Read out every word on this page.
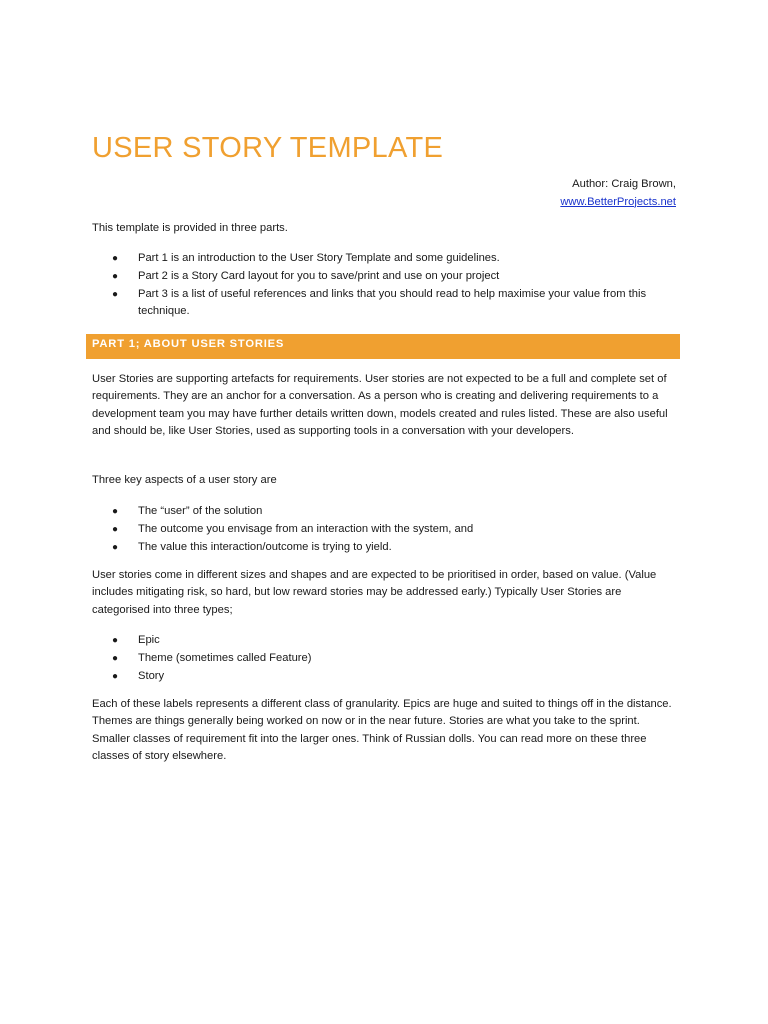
USER STORY TEMPLATE
Author: Craig Brown,
www.BetterProjects.net

This template is provided in three parts.

● Part 1 is an introduction to the User Story Template and some guidelines.
● Part 2 is a Story Card layout for you to save/print and use on your project
● Part 3 is a list of useful references and links that you should read to help maximise your value from this technique.
PART 1; ABOUT USER STORIES

User Stories are supporting artefacts for requirements. User stories are not expected to be a full and complete set of requirements. They are an anchor for a conversation. As a person who is creating and delivering requirements to a development team you may have further details written down, models created and rules listed. These are also useful and should be, like User Stories, used as supporting tools in a conversation with your developers.

Three key aspects of a user story are

● The “user” of the solution
● The outcome you envisage from an interaction with the system, and
● The value this interaction/outcome is trying to yield.

User stories come in different sizes and shapes and are expected to be prioritised in order, based on value. (Value includes mitigating risk, so hard, but low reward stories may be addressed early.) Typically User Stories are categorised into three types;

● Epic
● Theme (sometimes called Feature)
● Story

Each of these labels represents a different class of granularity. Epics are huge and suited to things off in the distance. Themes are things generally being worked on now or in the near future. Stories are what you take to the sprint. Smaller classes of requirement fit into the larger ones. Think of Russian dolls. You can read more on these three classes of story elsewhere.
